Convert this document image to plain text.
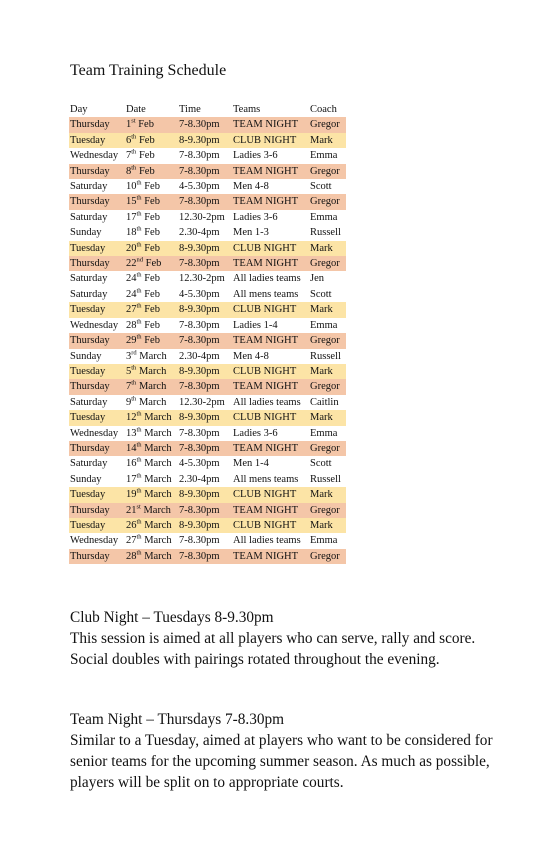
Team Training Schedule
Day	Date	Time	Teams	Coach
Thursday	1st Feb	7-8.30pm	TEAM NIGHT	Gregor
Tuesday	6th Feb	8-9.30pm	CLUB NIGHT	Mark
Wednesday	7th Feb	7-8.30pm	Ladies 3-6	Emma
Thursday	8th Feb	7-8.30pm	TEAM NIGHT	Gregor
Saturday	10th Feb	4-5.30pm	Men 4-8	Scott
Thursday	15th Feb	7-8.30pm	TEAM NIGHT	Gregor
Saturday	17th Feb	12.30-2pm	Ladies 3-6	Emma
Sunday	18th Feb	2.30-4pm	Men 1-3	Russell
Tuesday	20th Feb	8-9.30pm	CLUB NIGHT	Mark
Thursday	22nd Feb	7-8.30pm	TEAM NIGHT	Gregor
Saturday	24th Feb	12.30-2pm	All ladies teams	Jen
Saturday	24th Feb	4-5.30pm	All mens teams	Scott
Tuesday	27th Feb	8-9.30pm	CLUB NIGHT	Mark
Wednesday	28th Feb	7-8.30pm	Ladies 1-4	Emma
Thursday	29th Feb	7-8.30pm	TEAM NIGHT	Gregor
Sunday	3rd March	2.30-4pm	Men 4-8	Russell
Tuesday	5th March	8-9.30pm	CLUB NIGHT	Mark
Thursday	7th March	7-8.30pm	TEAM NIGHT	Gregor
Saturday	9th March	12.30-2pm	All ladies teams	Caitlin
Tuesday	12th March	8-9.30pm	CLUB NIGHT	Mark
Wednesday	13th March	7-8.30pm	Ladies 3-6	Emma
Thursday	14th March	7-8.30pm	TEAM NIGHT	Gregor
Saturday	16th March	4-5.30pm	Men 1-4	Scott
Sunday	17th March	2.30-4pm	All mens teams	Russell
Tuesday	19th March	8-9.30pm	CLUB NIGHT	Mark
Thursday	21st March	7-8.30pm	TEAM NIGHT	Gregor
Tuesday	26th March	8-9.30pm	CLUB NIGHT	Mark
Wednesday	27th March	7-8.30pm	All ladies teams	Emma
Thursday	28th March	7-8.30pm	TEAM NIGHT	Gregor

Club Night – Tuesdays 8-9.30pm

This session is aimed at all players who can serve, rally and score. Social doubles with pairings rotated throughout the evening.

Team Night – Thursdays 7-8.30pm

Similar to a Tuesday, aimed at players who want to be considered for senior teams for the upcoming summer season. As much as possible, players will be split on to appropriate courts.
